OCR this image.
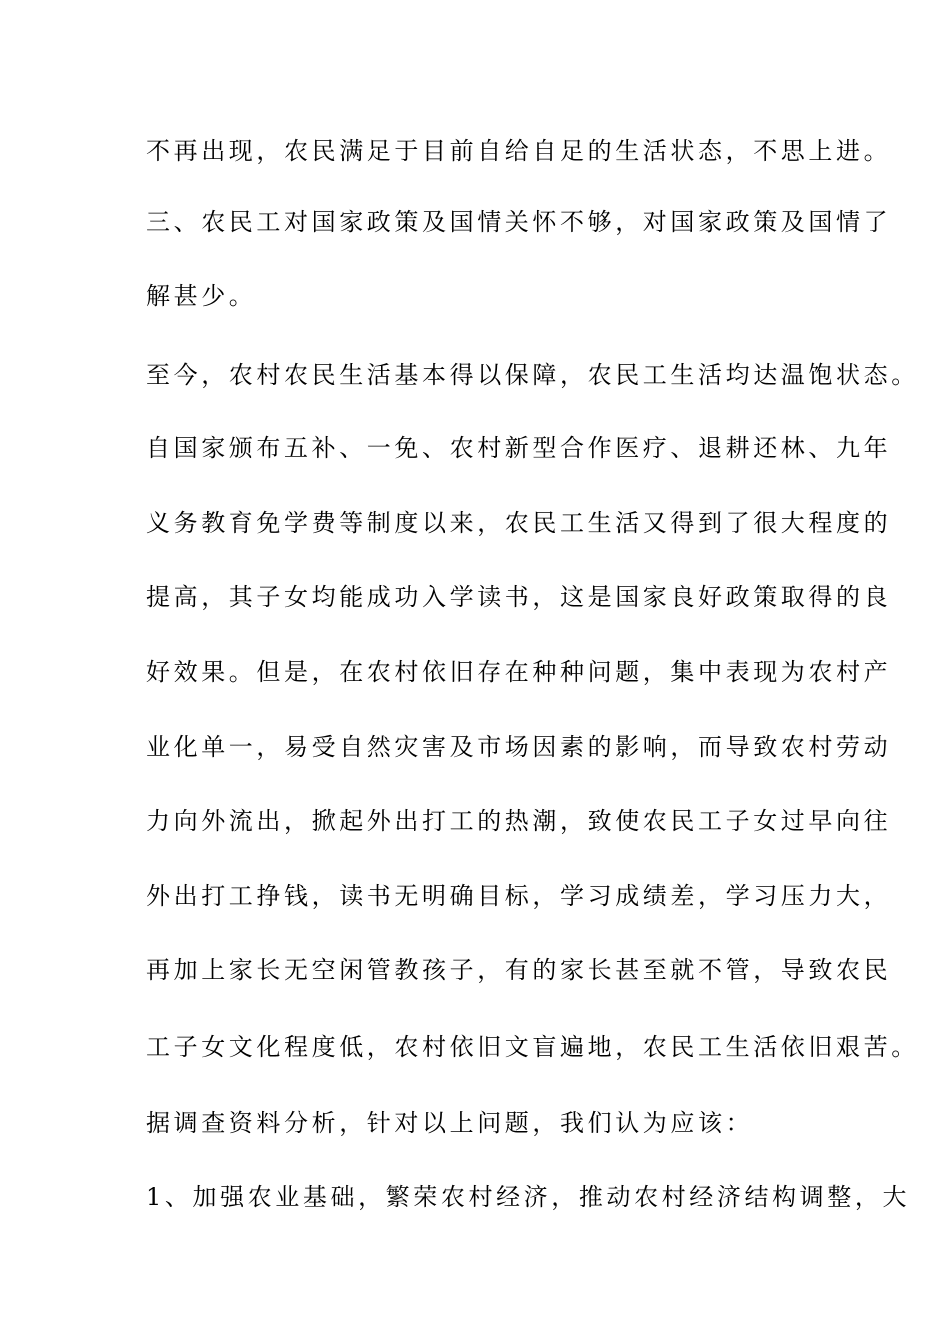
不再出现，农民满足于目前自给自足的生活状态，不思上进。
三、农民工对国家政策及国情关怀不够，对国家政策及国情了
解甚少。
至今，农村农民生活基本得以保障，农民工生活均达温饱状态。
自国家颁布五补、一免、农村新型合作医疗、退耕还林、九年
义务教育免学费等制度以来，农民工生活又得到了很大程度的
提高，其子女均能成功入学读书，这是国家良好政策取得的良
好效果。但是，在农村依旧存在种种问题，集中表现为农村产
业化单一，易受自然灾害及市场因素的影响，而导致农村劳动
力向外流出，掀起外出打工的热潮，致使农民工子女过早向往
外出打工挣钱，读书无明确目标，学习成绩差，学习压力大，
再加上家长无空闲管教孩子，有的家长甚至就不管，导致农民
工子女文化程度低，农村依旧文盲遍地，农民工生活依旧艰苦。
据调查资料分析，针对以上问题，我们认为应该：
1、加强农业基础，繁荣农村经济，推动农村经济结构调整，大
